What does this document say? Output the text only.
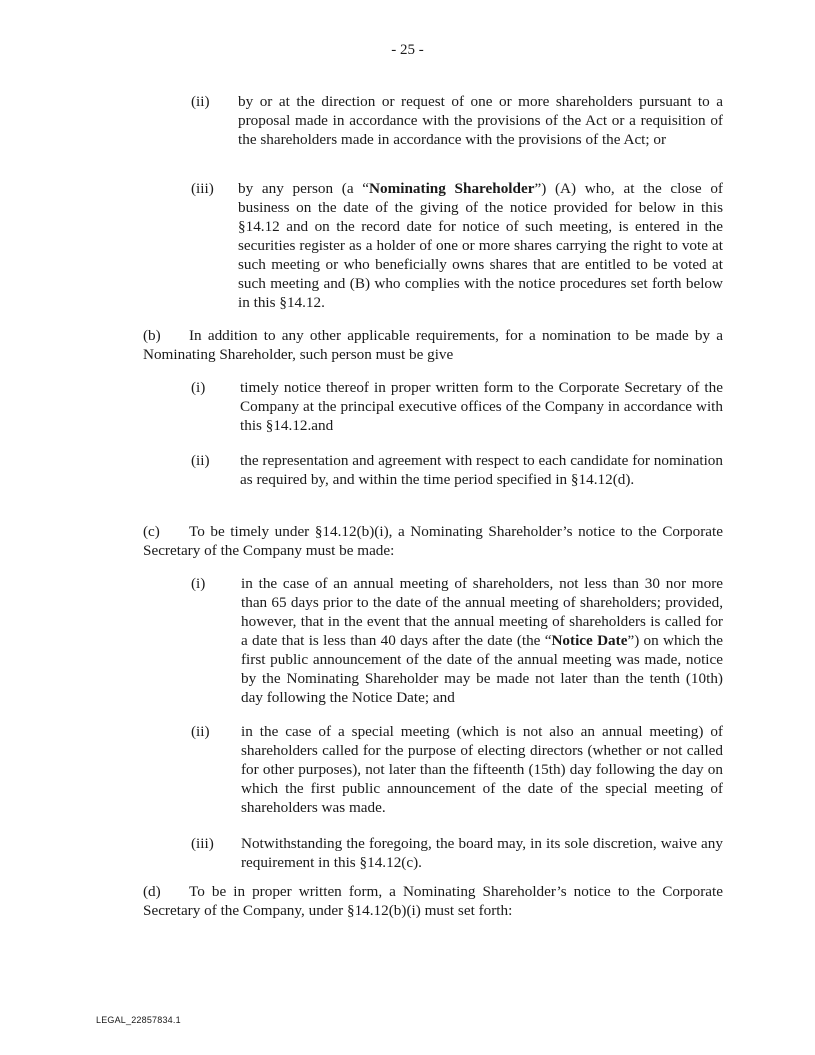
- 25 -
(ii)	by or at the direction or request of one or more shareholders pursuant to a proposal made in accordance with the provisions of the Act or a requisition of the shareholders made in accordance with the provisions of the Act; or
(iii)	by any person (a “Nominating Shareholder”) (A) who, at the close of business on the date of the giving of the notice provided for below in this §14.12 and on the record date for notice of such meeting, is entered in the securities register as a holder of one or more shares carrying the right to vote at such meeting or who beneficially owns shares that are entitled to be voted at such meeting and (B) who complies with the notice procedures set forth below in this §14.12.
(b) In addition to any other applicable requirements, for a nomination to be made by a Nominating Shareholder, such person must be give
(i)	timely notice thereof in proper written form to the Corporate Secretary of the Company at the principal executive offices of the Company in accordance with this §14.12.and
(ii)	the representation and agreement with respect to each candidate for nomination as required by, and within the time period specified in §14.12(d).
(c) To be timely under §14.12(b)(i), a Nominating Shareholder’s notice to the Corporate Secretary of the Company must be made:
(i)	in the case of an annual meeting of shareholders, not less than 30 nor more than 65 days prior to the date of the annual meeting of shareholders; provided, however, that in the event that the annual meeting of shareholders is called for a date that is less than 40 days after the date (the “Notice Date”) on which the first public announcement of the date of the annual meeting was made, notice by the Nominating Shareholder may be made not later than the tenth (10th) day following the Notice Date; and
(ii)	in the case of a special meeting (which is not also an annual meeting) of shareholders called for the purpose of electing directors (whether or not called for other purposes), not later than the fifteenth (15th) day following the day on which the first public announcement of the date of the special meeting of shareholders was made.
(iii)	Notwithstanding the foregoing, the board may, in its sole discretion, waive any requirement in this §14.12(c).
(d) To be in proper written form, a Nominating Shareholder’s notice to the Corporate Secretary of the Company, under §14.12(b)(i) must set forth:
LEGAL_22857834.1
